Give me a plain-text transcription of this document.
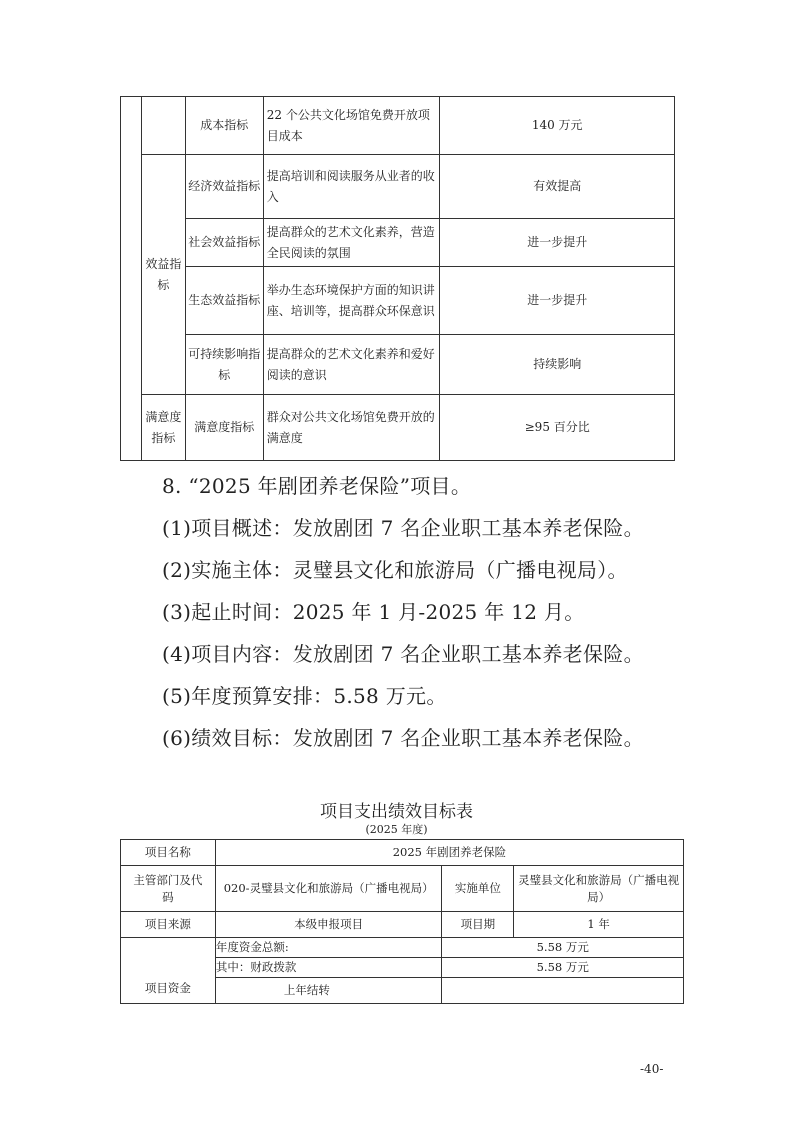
		成本指标	22 个公共文化场馆免费开放项目成本	140 万元
	效益指标	经济效益指标	提高培训和阅读服务从业者的收入	有效提高
		社会效益指标	提高群众的艺术文化素养，营造全民阅读的氛围	进一步提升
		生态效益指标	举办生态环境保护方面的知识讲座、培训等，提高群众环保意识	进一步提升
		可持续影响指标	提高群众的艺术文化素养和爱好阅读的意识	持续影响
	满意度指标	满意度指标	群众对公共文化场馆免费开放的满意度	≥95 百分比
8. “2025 年剧团养老保险”项目。
(1)项目概述：发放剧团 7 名企业职工基本养老保险。
(2)实施主体：灵璧县文化和旅游局（广播电视局）。
(3)起止时间：2025 年 1 月-2025 年 12 月。
(4)项目内容：发放剧团 7 名企业职工基本养老保险。
(5)年度预算安排：5.58 万元。
(6)绩效目标：发放剧团 7 名企业职工基本养老保险。
项目支出绩效目标表
(2025 年度)
项目名称	2025 年剧团养老保险		
主管部门及代码	020-灵璧县文化和旅游局（广播电视局）	实施单位	灵璧县文化和旅游局（广播电视局）
项目来源	本级申报项目	项目期	1 年
项目资金	年度资金总额:	5.58 万元	
	其中：财政拨款	5.58 万元	
	上年结转		
-40-
